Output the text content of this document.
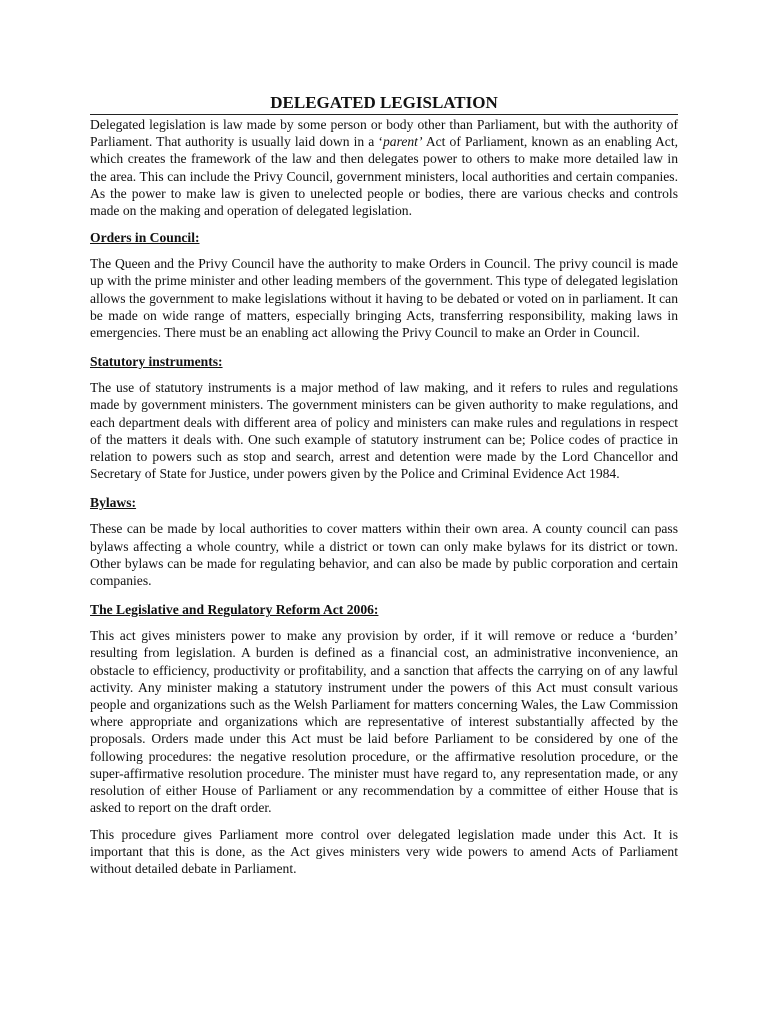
DELEGATED LEGISLATION

Delegated legislation is law made by some person or body other than Parliament, but with the authority of Parliament. That authority is usually laid down in a ‘parent’ Act of Parliament, known as an enabling Act, which creates the framework of the law and then delegates power to others to make more detailed law in the area. This can include the Privy Council, government ministers, local authorities and certain companies. As the power to make law is given to unelected people or bodies, there are various checks and controls made on the making and operation of delegated legislation.

Orders in Council:

The Queen and the Privy Council have the authority to make Orders in Council. The privy council is made up with the prime minister and other leading members of the government. This type of delegated legislation allows the government to make legislations without it having to be debated or voted on in parliament. It can be made on wide range of matters, especially bringing Acts, transferring responsibility, making laws in emergencies. There must be an enabling act allowing the Privy Council to make an Order in Council.

Statutory instruments:

The use of statutory instruments is a major method of law making, and it refers to rules and regulations made by government ministers. The government ministers can be given authority to make regulations, and each department deals with different area of policy and ministers can make rules and regulations in respect of the matters it deals with. One such example of statutory instrument can be; Police codes of practice in relation to powers such as stop and search, arrest and detention were made by the Lord Chancellor and Secretary of State for Justice, under powers given by the Police and Criminal Evidence Act 1984.

Bylaws:

These can be made by local authorities to cover matters within their own area. A county council can pass bylaws affecting a whole country, while a district or town can only make bylaws for its district or town. Other bylaws can be made for regulating behavior, and can also be made by public corporation and certain companies.

The Legislative and Regulatory Reform Act 2006:

This act gives ministers power to make any provision by order, if it will remove or reduce a ‘burden’ resulting from legislation. A burden is defined as a financial cost, an administrative inconvenience, an obstacle to efficiency, productivity or profitability, and a sanction that affects the carrying on of any lawful activity. Any minister making a statutory instrument under the powers of this Act must consult various people and organizations such as the Welsh Parliament for matters concerning Wales, the Law Commission where appropriate and organizations which are representative of interest substantially affected by the proposals. Orders made under this Act must be laid before Parliament to be considered by one of the following procedures: the negative resolution procedure, or the affirmative resolution procedure, or the super-affirmative resolution procedure. The minister must have regard to, any representation made, or any resolution of either House of Parliament or any recommendation by a committee of either House that is asked to report on the draft order.

This procedure gives Parliament more control over delegated legislation made under this Act. It is important that this is done, as the Act gives ministers very wide powers to amend Acts of Parliament without detailed debate in Parliament.
